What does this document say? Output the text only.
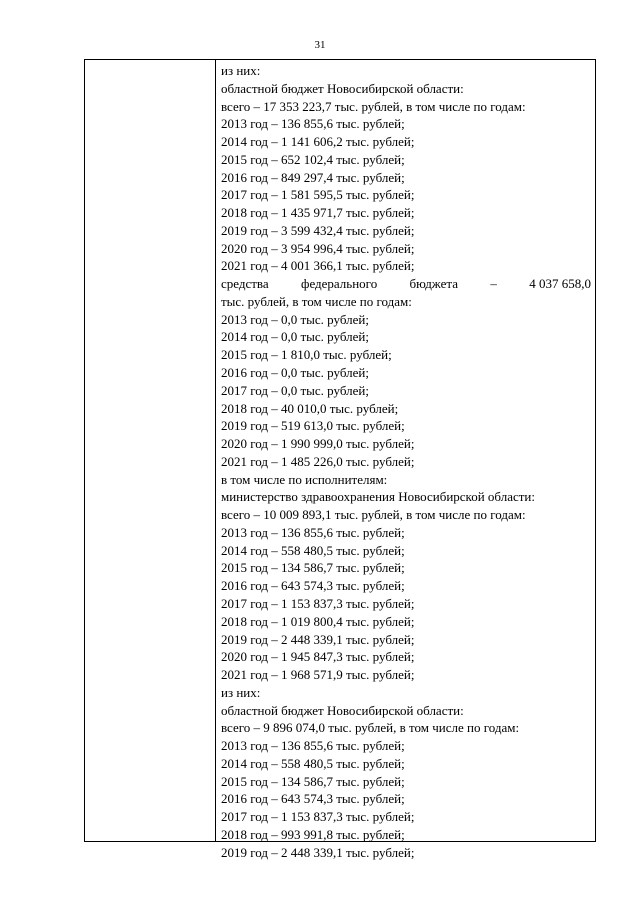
31
из них:
областной бюджет Новосибирской области:
всего – 17 353 223,7 тыс. рублей, в том числе по годам:
2013 год – 136 855,6 тыс. рублей;
2014 год – 1 141 606,2 тыс. рублей;
2015 год – 652 102,4 тыс. рублей;
2016 год – 849 297,4 тыс. рублей;
2017 год – 1 581 595,5 тыс. рублей;
2018 год – 1 435 971,7 тыс. рублей;
2019 год – 3 599 432,4 тыс. рублей;
2020 год – 3 954 996,4 тыс. рублей;
2021 год – 4 001 366,1 тыс. рублей;
средства федерального бюджета – 4 037 658,0
тыс. рублей, в том числе по годам:
2013 год – 0,0 тыс. рублей;
2014 год – 0,0 тыс. рублей;
2015 год – 1 810,0 тыс. рублей;
2016 год – 0,0 тыс. рублей;
2017 год – 0,0 тыс. рублей;
2018 год – 40 010,0 тыс. рублей;
2019 год – 519 613,0 тыс. рублей;
2020 год – 1 990 999,0 тыс. рублей;
2021 год – 1 485 226,0 тыс. рублей;
в том числе по исполнителям:
министерство здравоохранения Новосибирской области:
всего – 10 009 893,1 тыс. рублей, в том числе по годам:
2013 год – 136 855,6 тыс. рублей;
2014 год – 558 480,5 тыс. рублей;
2015 год – 134 586,7 тыс. рублей;
2016 год – 643 574,3 тыс. рублей;
2017 год – 1 153 837,3 тыс. рублей;
2018 год – 1 019 800,4 тыс. рублей;
2019 год – 2 448 339,1 тыс. рублей;
2020 год – 1 945 847,3 тыс. рублей;
2021 год – 1 968 571,9 тыс. рублей;
из них:
областной бюджет Новосибирской области:
всего – 9 896 074,0 тыс. рублей, в том числе по годам:
2013 год – 136 855,6 тыс. рублей;
2014 год – 558 480,5 тыс. рублей;
2015 год – 134 586,7 тыс. рублей;
2016 год – 643 574,3 тыс. рублей;
2017 год – 1 153 837,3 тыс. рублей;
2018 год – 993 991,8 тыс. рублей;
2019 год – 2 448 339,1 тыс. рублей;
